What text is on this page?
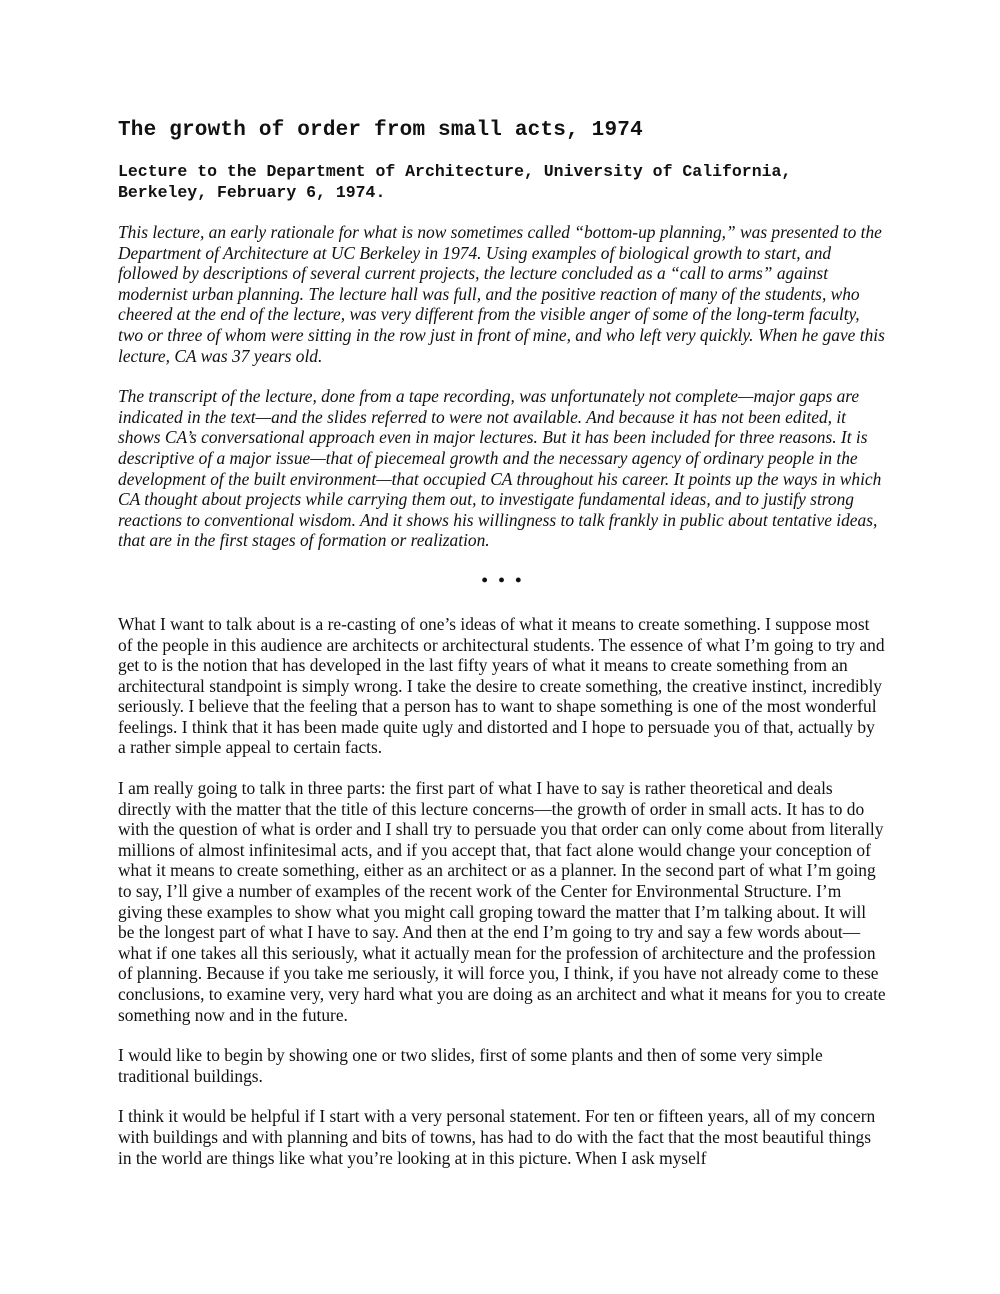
The growth of order from small acts, 1974
Lecture to the Department of Architecture, University of California, Berkeley, February 6, 1974.

This lecture, an early rationale for what is now sometimes called “bottom-up planning,” was presented to the Department of Architecture at UC Berkeley in 1974. Using examples of biological growth to start, and followed by descriptions of several current projects, the lecture concluded as a “call to arms” against modernist urban planning. The lecture hall was full, and the positive reaction of many of the students, who cheered at the end of the lecture, was very different from the visible anger of some of the long-term faculty, two or three of whom were sitting in the row just in front of mine, and who left very quickly. When he gave this lecture, CA was 37 years old.

The transcript of the lecture, done from a tape recording, was unfortunately not complete—major gaps are indicated in the text—and the slides referred to were not available. And because it has not been edited, it shows CA’s conversational approach even in major lectures. But it has been included for three reasons. It is descriptive of a major issue—that of piecemeal growth and the necessary agency of ordinary people in the development of the built environment—that occupied CA throughout his career. It points up the ways in which CA thought about projects while carrying them out, to investigate fundamental ideas, and to justify strong reactions to conventional wisdom. And it shows his willingness to talk frankly in public about tentative ideas, that are in the first stages of formation or realization.

• • •

What I want to talk about is a re-casting of one’s ideas of what it means to create something. I suppose most of the people in this audience are architects or architectural students. The essence of what I’m going to try and get to is the notion that has developed in the last fifty years of what it means to create something from an architectural standpoint is simply wrong. I take the desire to create something, the creative instinct, incredibly seriously. I believe that the feeling that a person has to want to shape something is one of the most wonderful feelings. I think that it has been made quite ugly and distorted and I hope to persuade you of that, actually by a rather simple appeal to certain facts.

I am really going to talk in three parts: the first part of what I have to say is rather theoretical and deals directly with the matter that the title of this lecture concerns—the growth of order in small acts. It has to do with the question of what is order and I shall try to persuade you that order can only come about from literally millions of almost infinitesimal acts, and if you accept that, that fact alone would change your conception of what it means to create something, either as an architect or as a planner. In the second part of what I’m going to say, I’ll give a number of examples of the recent work of the Center for Environmental Structure. I’m giving these examples to show what you might call groping toward the matter that I’m talking about. It will be the longest part of what I have to say. And then at the end I’m going to try and say a few words about—what if one takes all this seriously, what it actually mean for the profession of architecture and the profession of planning. Because if you take me seriously, it will force you, I think, if you have not already come to these conclusions, to examine very, very hard what you are doing as an architect and what it means for you to create something now and in the future.

I would like to begin by showing one or two slides, first of some plants and then of some very simple traditional buildings.

I think it would be helpful if I start with a very personal statement. For ten or fifteen years, all of my concern with buildings and with planning and bits of towns, has had to do with the fact that the most beautiful things in the world are things like what you’re looking at in this picture. When I ask myself
